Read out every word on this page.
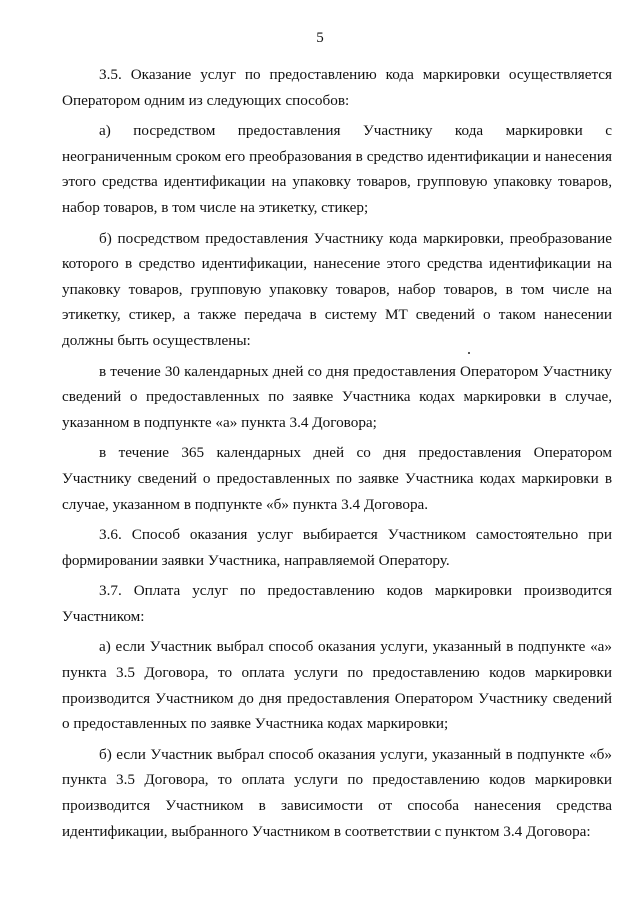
5

3.5. Оказание услуг по предоставлению кода маркировки осуществляется Оператором одним из следующих способов:

а) посредством предоставления Участнику кода маркировки с неограниченным сроком его преобразования в средство идентификации и нанесения этого средства идентификации на упаковку товаров, групповую упаковку товаров, набор товаров, в том числе на этикетку, стикер;

б) посредством предоставления Участнику кода маркировки, преобразование которого в средство идентификации, нанесение этого средства идентификации на упаковку товаров, групповую упаковку товаров, набор товаров, в том числе на этикетку, стикер, а также передача в систему МТ сведений о таком нанесении должны быть осуществлены:

в течение 30 календарных дней со дня предоставления Оператором Участнику сведений о предоставленных по заявке Участника кодах маркировки в случае, указанном в подпункте «а» пункта 3.4 Договора;

в течение 365 календарных дней со дня предоставления Оператором Участнику сведений о предоставленных по заявке Участника кодах маркировки в случае, указанном в подпункте «б» пункта 3.4 Договора.

3.6. Способ оказания услуг выбирается Участником самостоятельно при формировании заявки Участника, направляемой Оператору.

3.7. Оплата услуг по предоставлению кодов маркировки производится Участником:

а) если Участник выбрал способ оказания услуги, указанный в подпункте «а» пункта 3.5 Договора, то оплата услуги по предоставлению кодов маркировки производится Участником до дня предоставления Оператором Участнику сведений о предоставленных по заявке Участника кодах маркировки;

б) если Участник выбрал способ оказания услуги, указанный в подпункте «б» пункта 3.5 Договора, то оплата услуги по предоставлению кодов маркировки производится Участником в зависимости от способа нанесения средства идентификации, выбранного Участником в соответствии с пунктом 3.4 Договора:
